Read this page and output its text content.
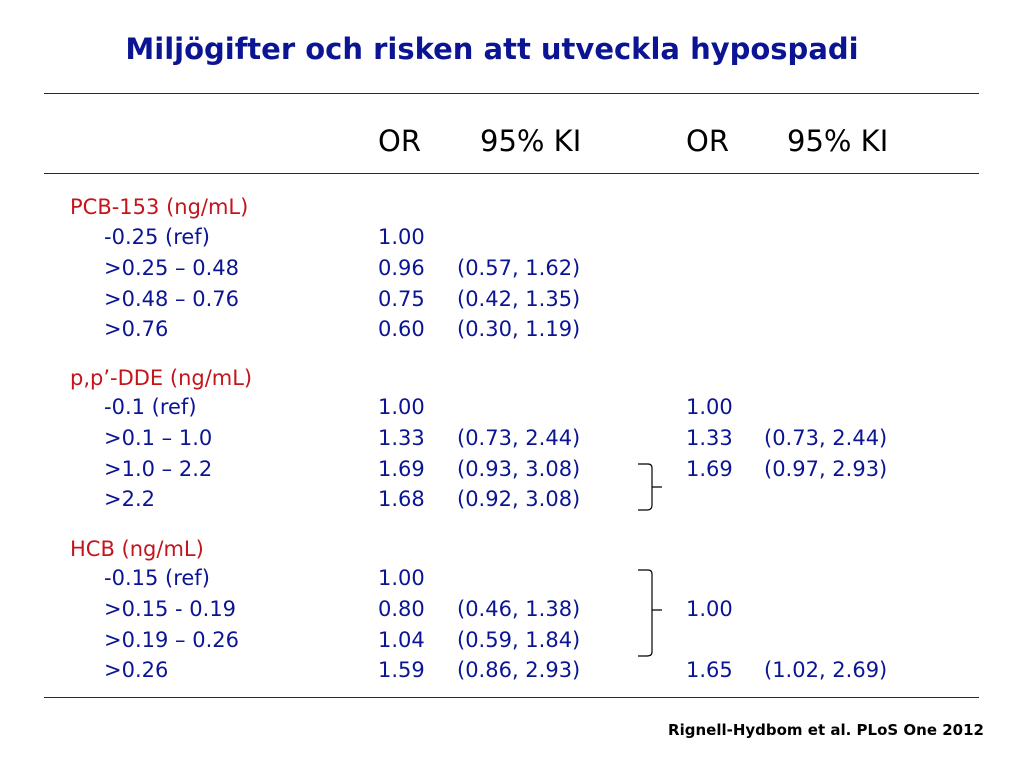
Miljögifter och risken att utveckla hypospadi
OR 95% KI	OR 95% KI
PCB-153 (ng/mL)
-0.25 (ref)	1.00
>0.25 – 0.48	0.96 (0.57, 1.62)
>0.48 – 0.76	0.75 (0.42, 1.35)
>0.76	0.60 (0.30, 1.19)
p,p’-DDE (ng/mL)
-0.1 (ref)	1.00	1.00
>0.1 – 1.0	1.33 (0.73, 2.44)	1.33 (0.73, 2.44)
>1.0 – 2.2	1.69 (0.93, 3.08)	1.69 (0.97, 2.93)
>2.2	1.68 (0.92, 3.08)
HCB (ng/mL)
-0.15 (ref)	1.00
>0.15 - 0.19	0.80 (0.46, 1.38)	1.00
>0.19 – 0.26	1.04 (0.59, 1.84)
>0.26	1.59 (0.86, 2.93)	1.65 (1.02, 2.69)
Rignell-Hydbom et al. PLoS One 2012
